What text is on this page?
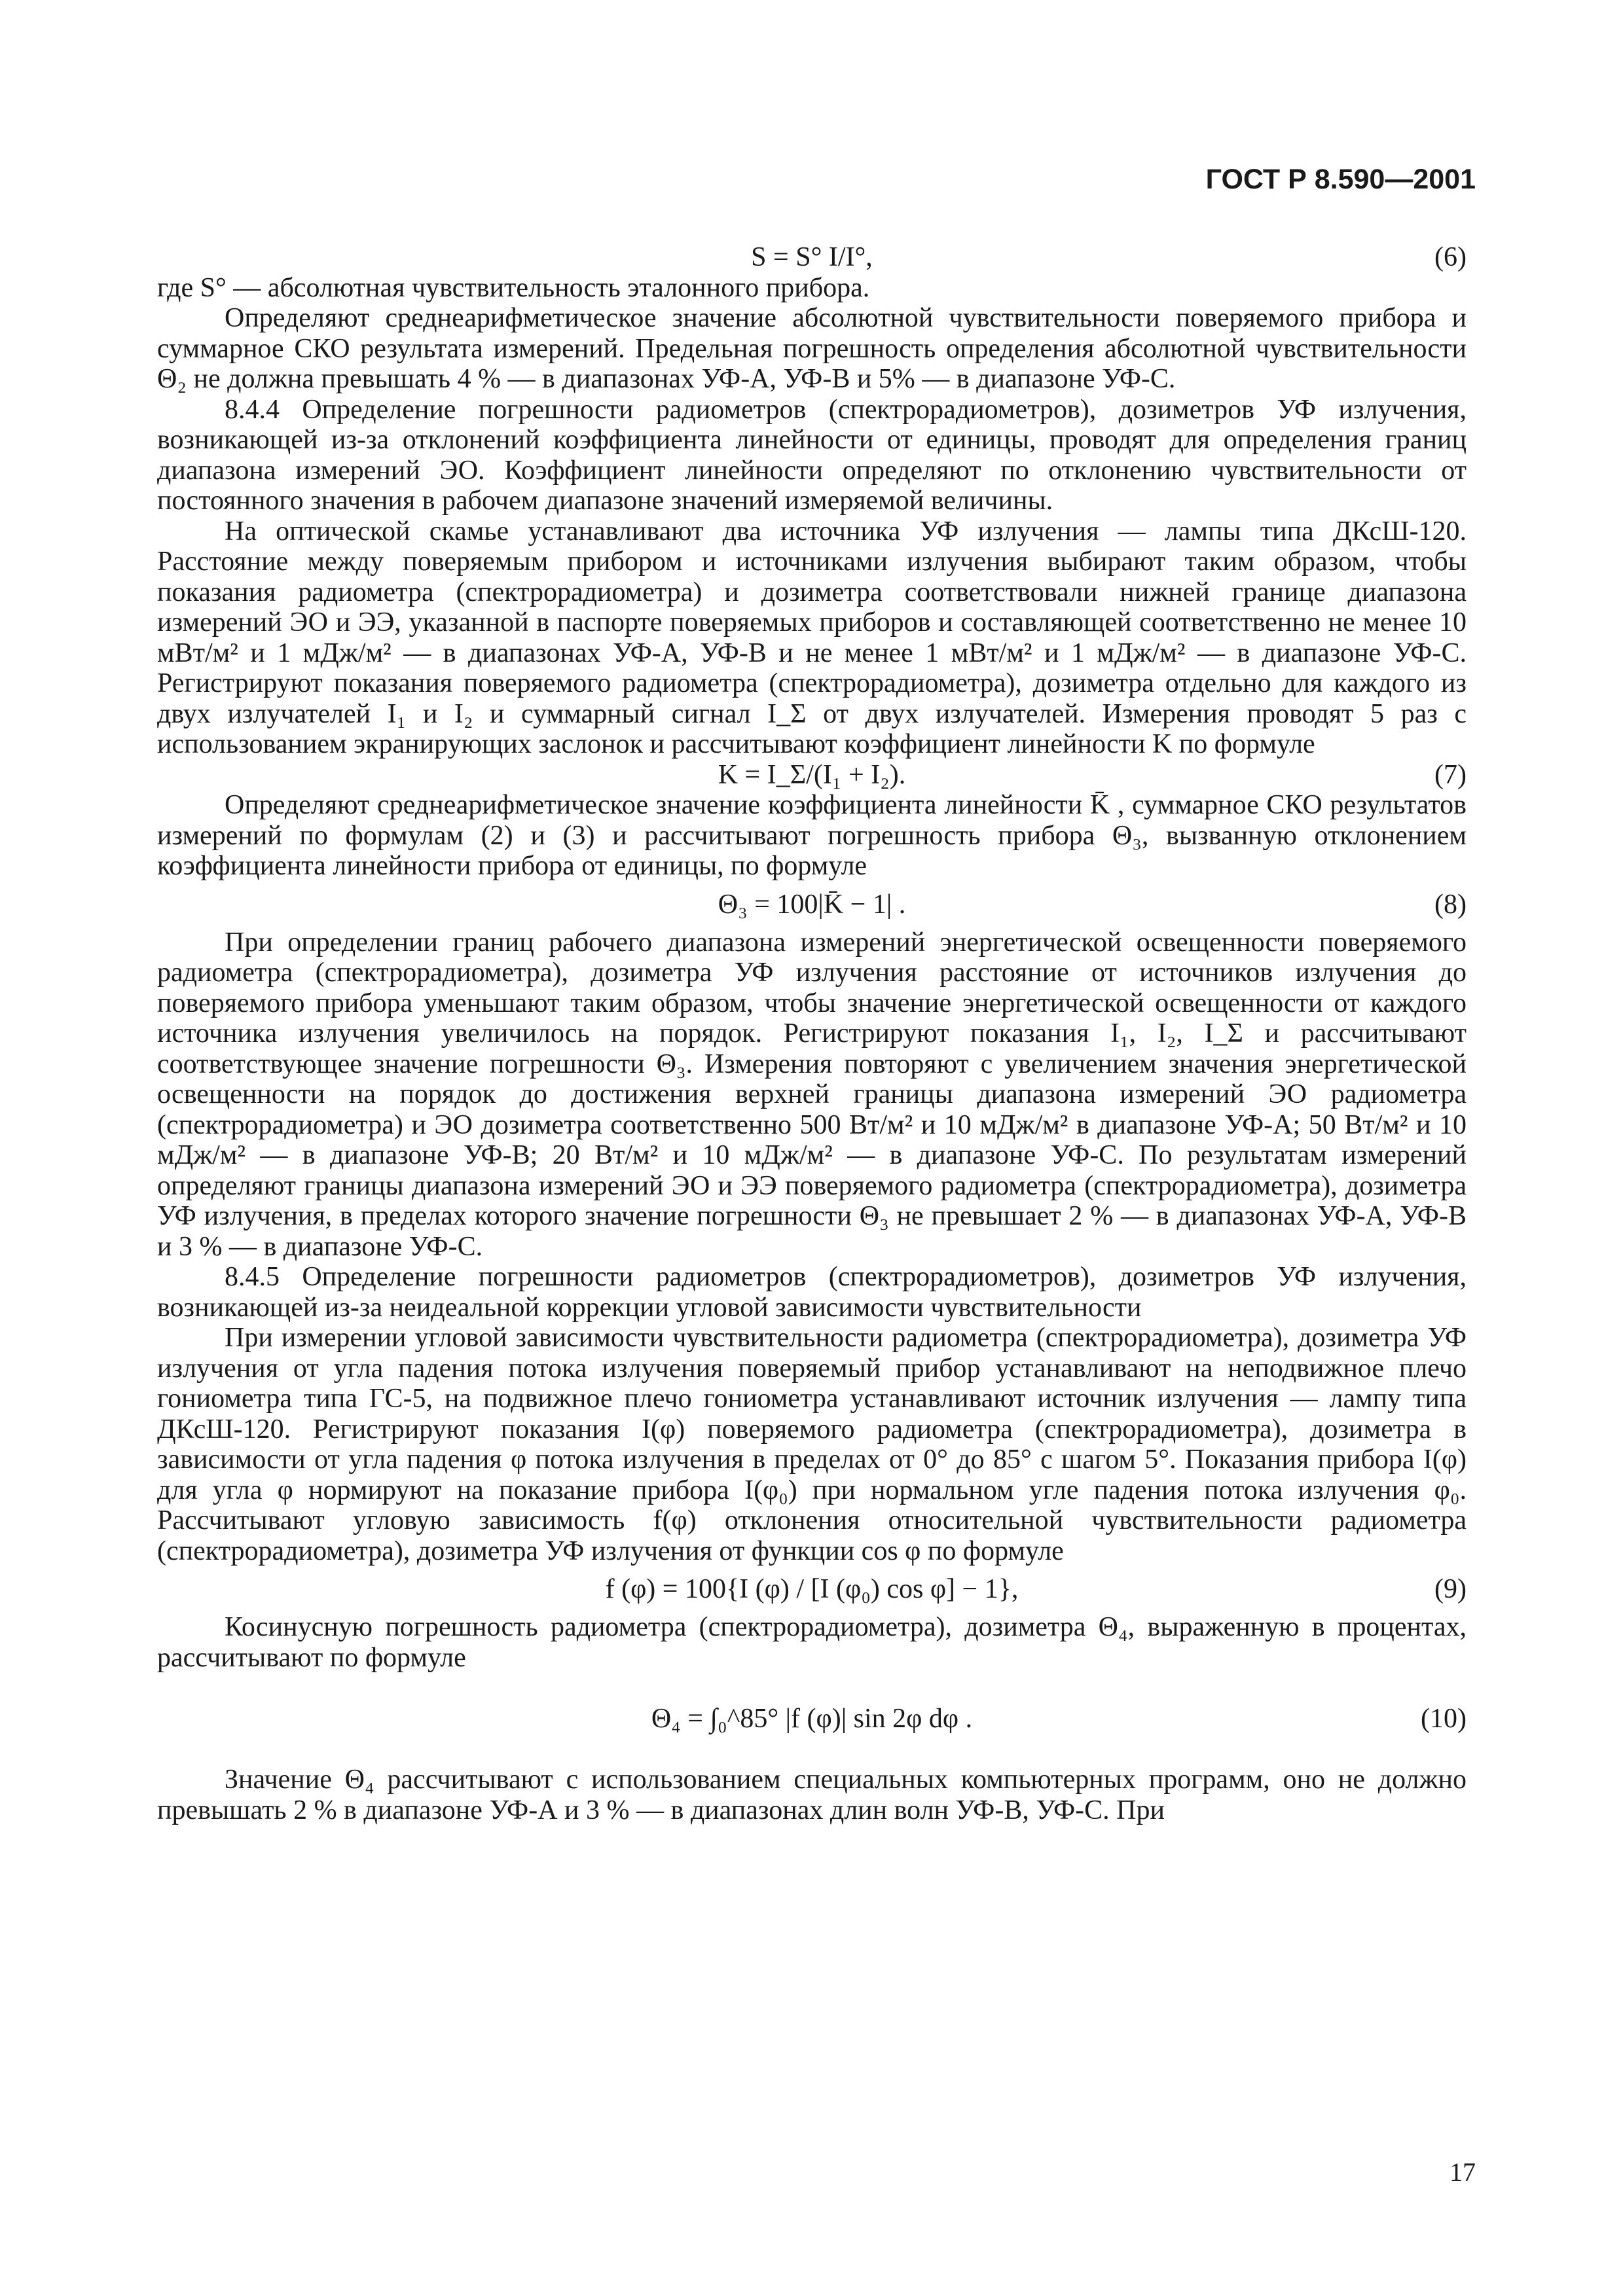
ГОСТ Р 8.590—2001
S = S° I/I°,	(6)

где S° — абсолютная чувствительность эталонного прибора.

Определяют среднеарифметическое значение абсолютной чувствительности поверяемого прибора и суммарное СКО результата измерений. Предельная погрешность определения абсолютной чувствительности Θ₂ не должна превышать 4 % — в диапазонах УФ-А, УФ-В и 5% — в диапазоне УФ-С.

8.4.4 Определение погрешности радиометров (спектрорадиометров), дозиметров УФ излучения, возникающей из-за отклонений коэффициента линейности от единицы, проводят для определения границ диапазона измерений ЭО. Коэффициент линейности определяют по отклонению чувствительности от постоянного значения в рабочем диапазоне значений измеряемой величины.

На оптической скамье устанавливают два источника УФ излучения — лампы типа ДКсШ-120. Расстояние между поверяемым прибором и источниками излучения выбирают таким образом, чтобы показания радиометра (спектрорадиометра) и дозиметра соответствовали нижней границе диапазона измерений ЭО и ЭЭ, указанной в паспорте поверяемых приборов и составляющей соответственно не менее 10 мВт/м² и 1 мДж/м² — в диапазонах УФ-А, УФ-В и не менее 1 мВт/м² и 1 мДж/м² — в диапазоне УФ-С. Регистрируют показания поверяемого радиометра (спектрорадиометра), дозиметра отдельно для каждого из двух излучателей I₁ и I₂ и суммарный сигнал I_Σ от двух излучателей. Измерения проводят 5 раз с использованием экранирующих заслонок и рассчитывают коэффициент линейности K по формуле

K = I_Σ/(I₁ + I₂).	(7)

Определяют среднеарифметическое значение коэффициента линейности K̄ , суммарное СКО результатов измерений по формулам (2) и (3) и рассчитывают погрешность прибора Θ₃, вызванную отклонением коэффициента линейности прибора от единицы, по формуле

Θ₃ = 100|K̄ − 1| .	(8)

При определении границ рабочего диапазона измерений энергетической освещенности поверяемого радиометра (спектрорадиометра), дозиметра УФ излучения расстояние от источников излучения до поверяемого прибора уменьшают таким образом, чтобы значение энергетической освещенности от каждого источника излучения увеличилось на порядок. Регистрируют показания I₁, I₂, I_Σ и рассчитывают соответствующее значение погрешности Θ₃. Измерения повторяют с увеличением значения энергетической освещенности на порядок до достижения верхней границы диапазона измерений ЭО радиометра (спектрорадиометра) и ЭО дозиметра соответственно 500 Вт/м² и 10 мДж/м² в диапазоне УФ-А; 50 Вт/м² и 10 мДж/м² — в диапазоне УФ-В; 20 Вт/м² и 10 мДж/м² — в диапазоне УФ-С. По результатам измерений определяют границы диапазона измерений ЭО и ЭЭ поверяемого радиометра (спектрорадиометра), дозиметра УФ излучения, в пределах которого значение погрешности Θ₃ не превышает 2 % — в диапазонах УФ-А, УФ-В и 3 % — в диапазоне УФ-С.

8.4.5 Определение погрешности радиометров (спектрорадиометров), дозиметров УФ излучения, возникающей из-за неидеальной коррекции угловой зависимости чувствительности

При измерении угловой зависимости чувствительности радиометра (спектрорадиометра), дозиметра УФ излучения от угла падения потока излучения поверяемый прибор устанавливают на неподвижное плечо гониометра типа ГС-5, на подвижное плечо гониометра устанавливают источник излучения — лампу типа ДКсШ-120. Регистрируют показания I(φ) поверяемого радиометра (спектрорадиометра), дозиметра в зависимости от угла падения φ потока излучения в пределах от 0° до 85° с шагом 5°. Показания прибора I(φ) для угла φ нормируют на показание прибора I(φ₀) при нормальном угле падения потока излучения φ₀. Рассчитывают угловую зависимость f(φ) отклонения относительной чувствительности радиометра (спектрорадиометра), дозиметра УФ излучения от функции cos φ по формуле

f (φ) = 100{I (φ) / [I (φ₀) cos φ] − 1},	(9)

Косинусную погрешность радиометра (спектрорадиометра), дозиметра Θ₄, выраженную в процентах, рассчитывают по формуле

Θ₄ = ∫₀^85° |f (φ)| sin 2φ dφ .	(10)

Значение Θ₄ рассчитывают с использованием специальных компьютерных программ, оно не должно превышать 2 % в диапазоне УФ-А и 3 % — в диапазонах длин волн УФ-В, УФ-С. При

17
